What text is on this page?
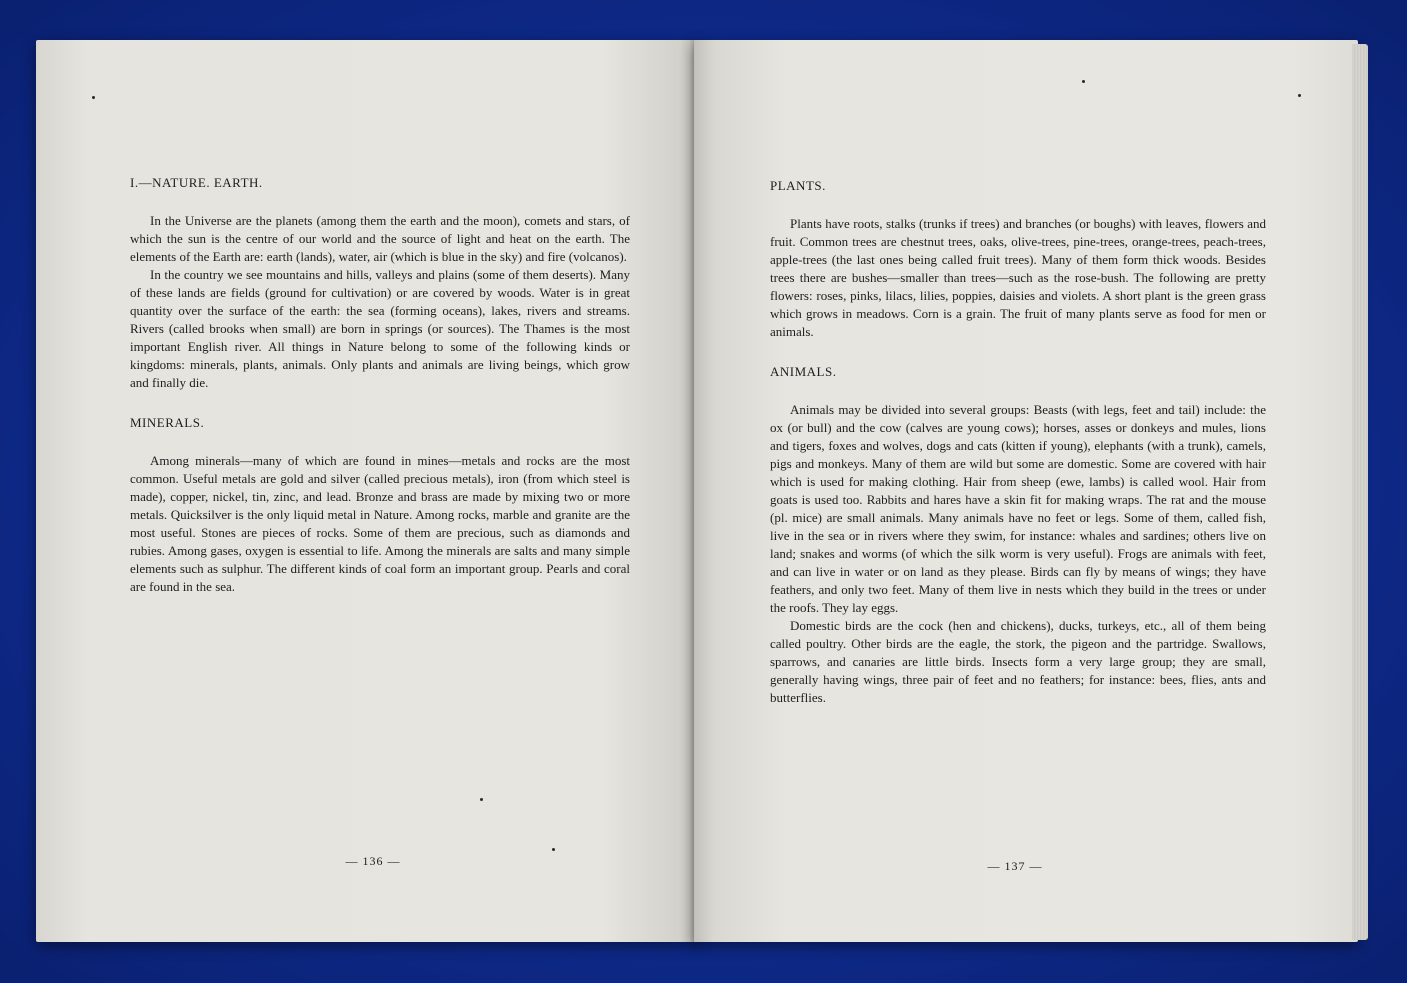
I.—NATURE. EARTH.

In the Universe are the planets (among them the earth and the moon), comets and stars, of which the sun is the centre of our world and the source of light and heat on the earth. The elements of the Earth are: earth (lands), water, air (which is blue in the sky) and fire (volcanos).

In the country we see mountains and hills, valleys and plains (some of them deserts). Many of these lands are fields (ground for cultivation) or are covered by woods. Water is in great quantity over the surface of the earth: the sea (forming oceans), lakes, rivers and streams. Rivers (called brooks when small) are born in springs (or sources). The Thames is the most important English river. All things in Nature belong to some of the following kinds or kingdoms: minerals, plants, animals. Only plants and animals are living beings, which grow and finally die.

MINERALS.

Among minerals—many of which are found in mines—metals and rocks are the most common. Useful metals are gold and silver (called precious metals), iron (from which steel is made), copper, nickel, tin, zinc, and lead. Bronze and brass are made by mixing two or more metals. Quicksilver is the only liquid metal in Nature. Among rocks, marble and granite are the most useful. Stones are pieces of rocks. Some of them are precious, such as diamonds and rubies. Among gases, oxygen is essential to life. Among the minerals are salts and many simple elements such as sulphur. The different kinds of coal form an important group. Pearls and coral are found in the sea.

— 136 —
PLANTS.

Plants have roots, stalks (trunks if trees) and branches (or boughs) with leaves, flowers and fruit. Common trees are chestnut trees, oaks, olive-trees, pine-trees, orange-trees, peach-trees, apple-trees (the last ones being called fruit trees). Many of them form thick woods. Besides trees there are bushes—smaller than trees—such as the rose-bush. The following are pretty flowers: roses, pinks, lilacs, lilies, poppies, daisies and violets. A short plant is the green grass which grows in meadows. Corn is a grain. The fruit of many plants serve as food for men or animals.

ANIMALS.

Animals may be divided into several groups: Beasts (with legs, feet and tail) include: the ox (or bull) and the cow (calves are young cows); horses, asses or donkeys and mules, lions and tigers, foxes and wolves, dogs and cats (kitten if young), elephants (with a trunk), camels, pigs and monkeys. Many of them are wild but some are domestic. Some are covered with hair which is used for making clothing. Hair from sheep (ewe, lambs) is called wool. Hair from goats is used too. Rabbits and hares have a skin fit for making wraps. The rat and the mouse (pl. mice) are small animals. Many animals have no feet or legs. Some of them, called fish, live in the sea or in rivers where they swim, for instance: whales and sardines; others live on land; snakes and worms (of which the silk worm is very useful). Frogs are animals with feet, and can live in water or on land as they please. Birds can fly by means of wings; they have feathers, and only two feet. Many of them live in nests which they build in the trees or under the roofs. They lay eggs.

Domestic birds are the cock (hen and chickens), ducks, turkeys, etc., all of them being called poultry. Other birds are the eagle, the stork, the pigeon and the partridge. Swallows, sparrows, and canaries are little birds. Insects form a very large group; they are small, generally having wings, three pair of feet and no feathers; for instance: bees, flies, ants and butterflies.

— 137 —
